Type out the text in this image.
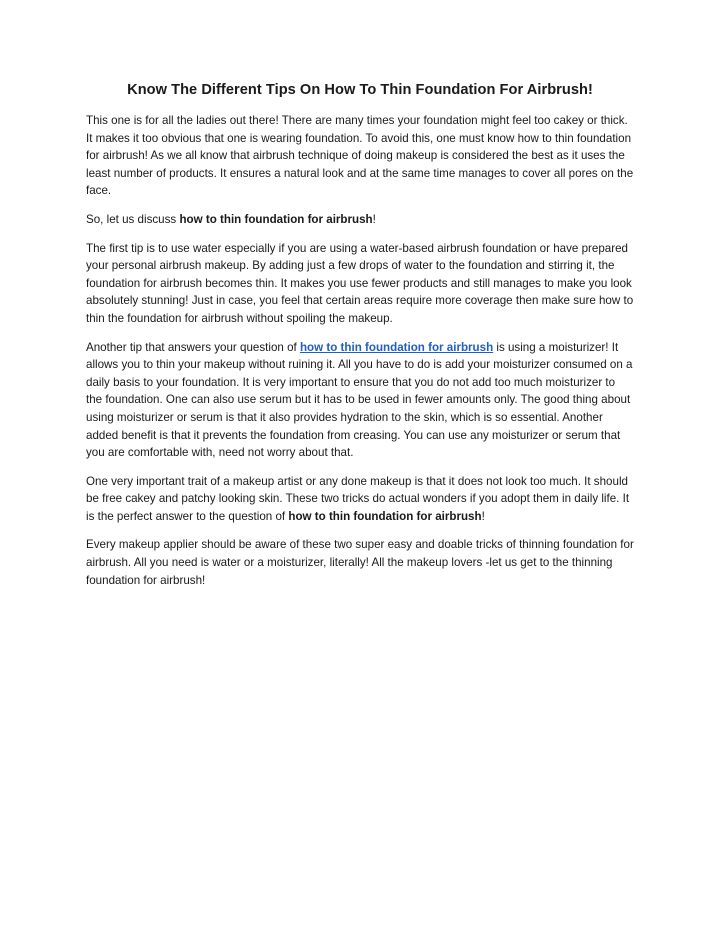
Know The Different Tips On How To Thin Foundation For Airbrush!

This one is for all the ladies out there! There are many times your foundation might feel too cakey or thick. It makes it too obvious that one is wearing foundation. To avoid this, one must know how to thin foundation for airbrush! As we all know that airbrush technique of doing makeup is considered the best as it uses the least number of products. It ensures a natural look and at the same time manages to cover all pores on the face.

So, let us discuss how to thin foundation for airbrush!

The first tip is to use water especially if you are using a water-based airbrush foundation or have prepared your personal airbrush makeup. By adding just a few drops of water to the foundation and stirring it, the foundation for airbrush becomes thin. It makes you use fewer products and still manages to make you look absolutely stunning! Just in case, you feel that certain areas require more coverage then make sure how to thin the foundation for airbrush without spoiling the makeup.

Another tip that answers your question of how to thin foundation for airbrush is using a moisturizer! It allows you to thin your makeup without ruining it. All you have to do is add your moisturizer consumed on a daily basis to your foundation. It is very important to ensure that you do not add too much moisturizer to the foundation. One can also use serum but it has to be used in fewer amounts only. The good thing about using moisturizer or serum is that it also provides hydration to the skin, which is so essential. Another added benefit is that it prevents the foundation from creasing. You can use any moisturizer or serum that you are comfortable with, need not worry about that.

One very important trait of a makeup artist or any done makeup is that it does not look too much. It should be free cakey and patchy looking skin. These two tricks do actual wonders if you adopt them in daily life. It is the perfect answer to the question of how to thin foundation for airbrush!

Every makeup applier should be aware of these two super easy and doable tricks of thinning foundation for airbrush. All you need is water or a moisturizer, literally! All the makeup lovers -let us get to the thinning foundation for airbrush!
